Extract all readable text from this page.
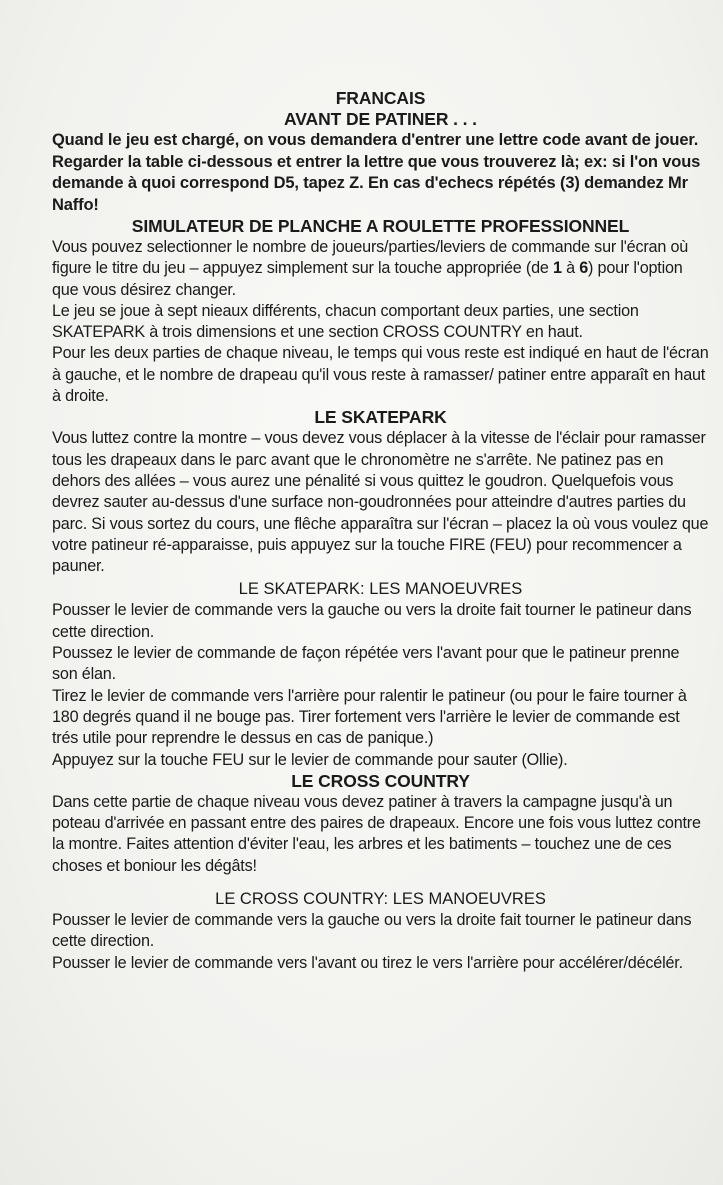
FRANCAIS
AVANT DE PATINER . . .

Quand le jeu est chargé, on vous demandera d'entrer une lettre code avant de jouer. Regarder la table ci-dessous et entrer la lettre que vous trouverez là; ex: si l'on vous demande à quoi correspond D5, tapez Z. En cas d'echecs répétés (3) demandez Mr Naffo!

SIMULATEUR DE PLANCHE A ROULETTE PROFESSIONNEL

Vous pouvez selectionner le nombre de joueurs/parties/leviers de commande sur l'écran où figure le titre du jeu – appuyez simplement sur la touche appropriée (de 1 à 6) pour l'option que vous désirez changer.

Le jeu se joue à sept nieaux différents, chacun comportant deux parties, une section SKATEPARK à trois dimensions et une section CROSS COUNTRY en haut.

Pour les deux parties de chaque niveau, le temps qui vous reste est indiqué en haut de l'écran à gauche, et le nombre de drapeau qu'il vous reste à ramasser/ patiner entre apparaît en haut à droite.

LE SKATEPARK

Vous luttez contre la montre – vous devez vous déplacer à la vitesse de l'éclair pour ramasser tous les drapeaux dans le parc avant que le chronomètre ne s'arrête. Ne patinez pas en dehors des allées – vous aurez une pénalité si vous quittez le goudron. Quelquefois vous devrez sauter au-dessus d'une surface non-goudronnées pour atteindre d'autres parties du parc. Si vous sortez du cours, une flêche apparaîtra sur l'écran – placez la où vous voulez que votre patineur ré-apparaisse, puis appuyez sur la touche FIRE (FEU) pour recommencer a pauner.

LE SKATEPARK: LES MANOEUVRES

Pousser le levier de commande vers la gauche ou vers la droite fait tourner le patineur dans cette direction.

Poussez le levier de commande de façon répétée vers l'avant pour que le patineur prenne son élan.

Tirez le levier de commande vers l'arrière pour ralentir le patineur (ou pour le faire tourner à 180 degrés quand il ne bouge pas. Tirer fortement vers l'arrière le levier de commande est trés utile pour reprendre le dessus en cas de panique.)

Appuyez sur la touche FEU sur le levier de commande pour sauter (Ollie).

LE CROSS COUNTRY

Dans cette partie de chaque niveau vous devez patiner à travers la campagne jusqu'à un poteau d'arrivée en passant entre des paires de drapeaux. Encore une fois vous luttez contre la montre. Faites attention d'éviter l'eau, les arbres et les batiments – touchez une de ces choses et boniour les dégâts!

LE CROSS COUNTRY: LES MANOEUVRES

Pousser le levier de commande vers la gauche ou vers la droite fait tourner le patineur dans cette direction.

Pousser le levier de commande vers l'avant ou tirez le vers l'arrière pour accélérer/décélér.
